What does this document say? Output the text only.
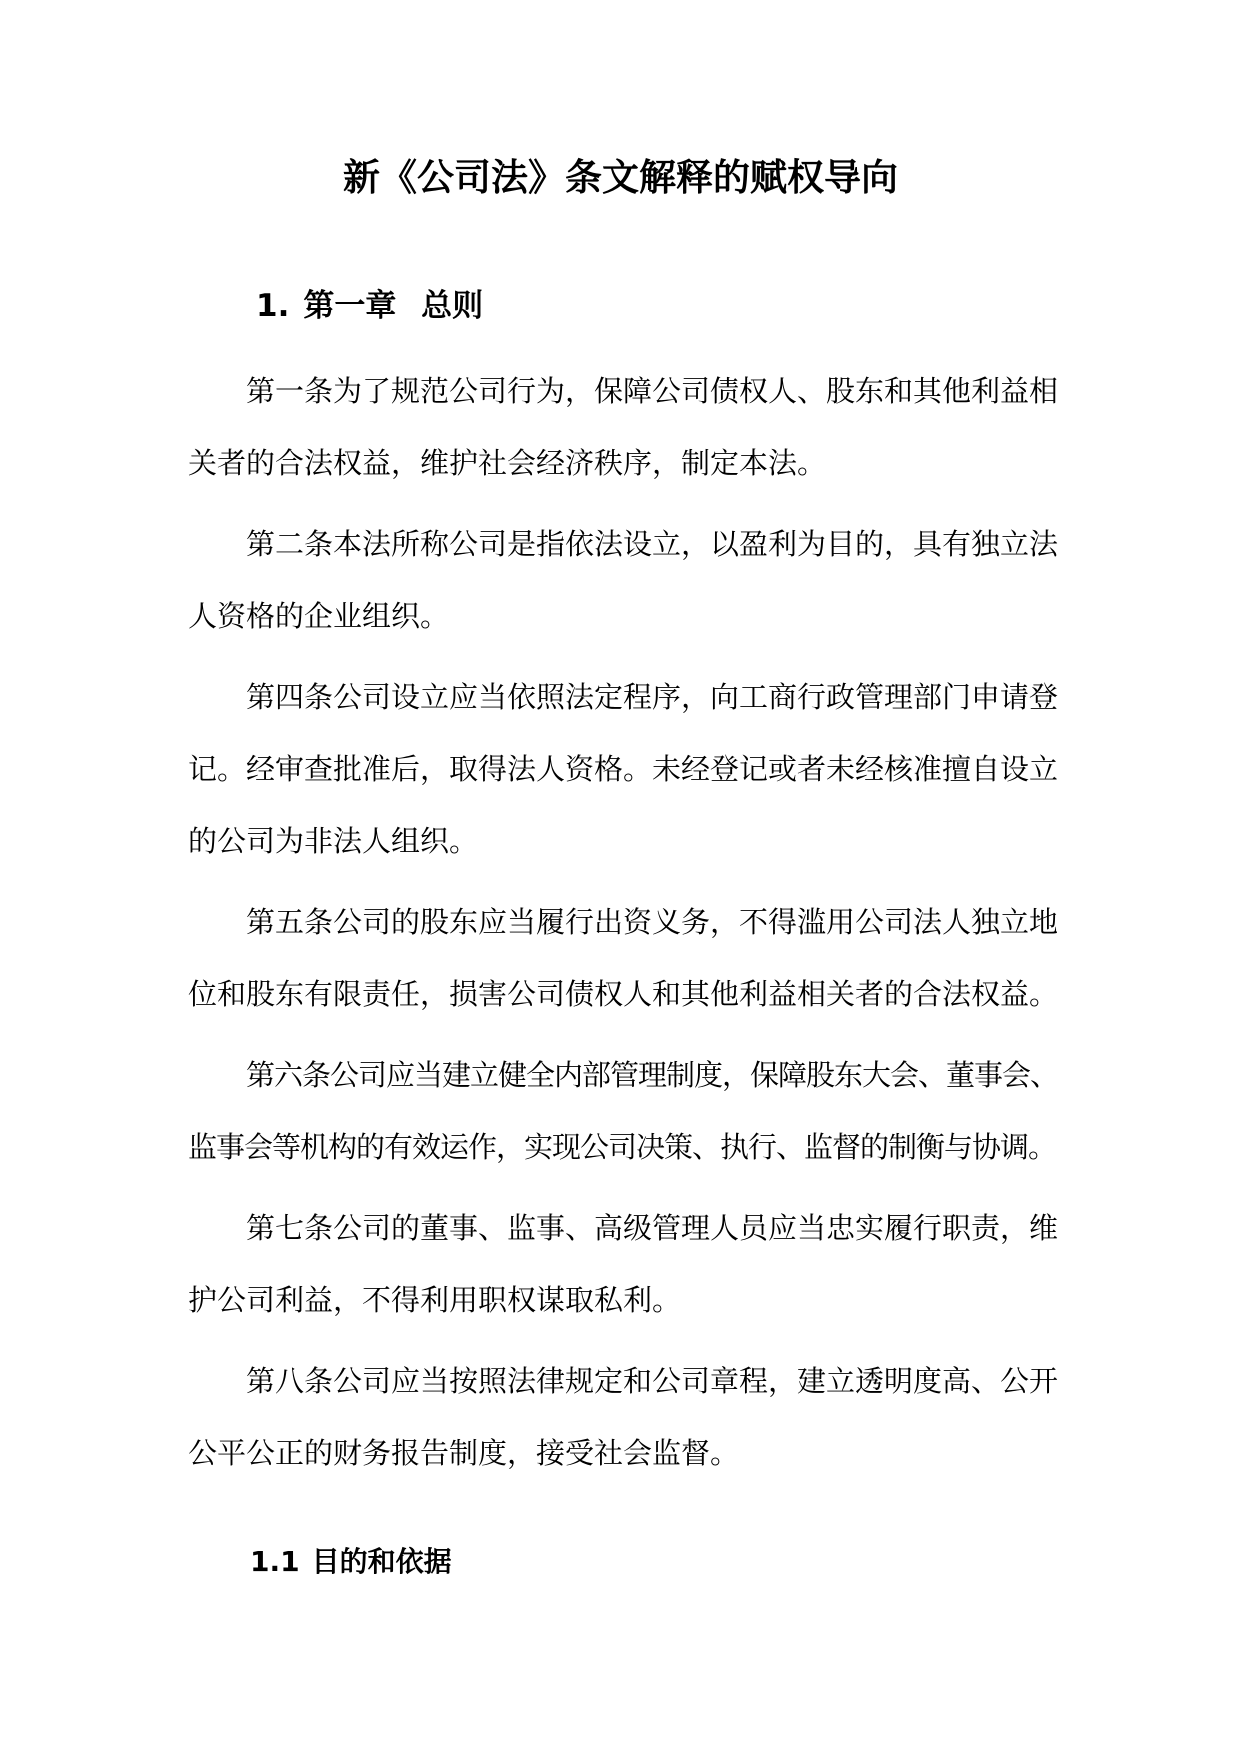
新《公司法》条文解释的赋权导向
1. 第一章 总则
第一条为了规范公司行为，保障公司债权人、股东和其他利益相
关者的合法权益，维护社会经济秩序，制定本法。
第二条本法所称公司是指依法设立，以盈利为目的，具有独立法
人资格的企业组织。
第四条公司设立应当依照法定程序，向工商行政管理部门申请登
记。经审查批准后，取得法人资格。未经登记或者未经核准擅自设立
的公司为非法人组织。
第五条公司的股东应当履行出资义务，不得滥用公司法人独立地
位和股东有限责任，损害公司债权人和其他利益相关者的合法权益。
第六条公司应当建立健全内部管理制度，保障股东大会、董事会、
监事会等机构的有效运作，实现公司决策、执行、监督的制衡与协调。
第七条公司的董事、监事、高级管理人员应当忠实履行职责，维
护公司利益，不得利用职权谋取私利。
第八条公司应当按照法律规定和公司章程，建立透明度高、公开
公平公正的财务报告制度，接受社会监督。
1.1 目的和依据
